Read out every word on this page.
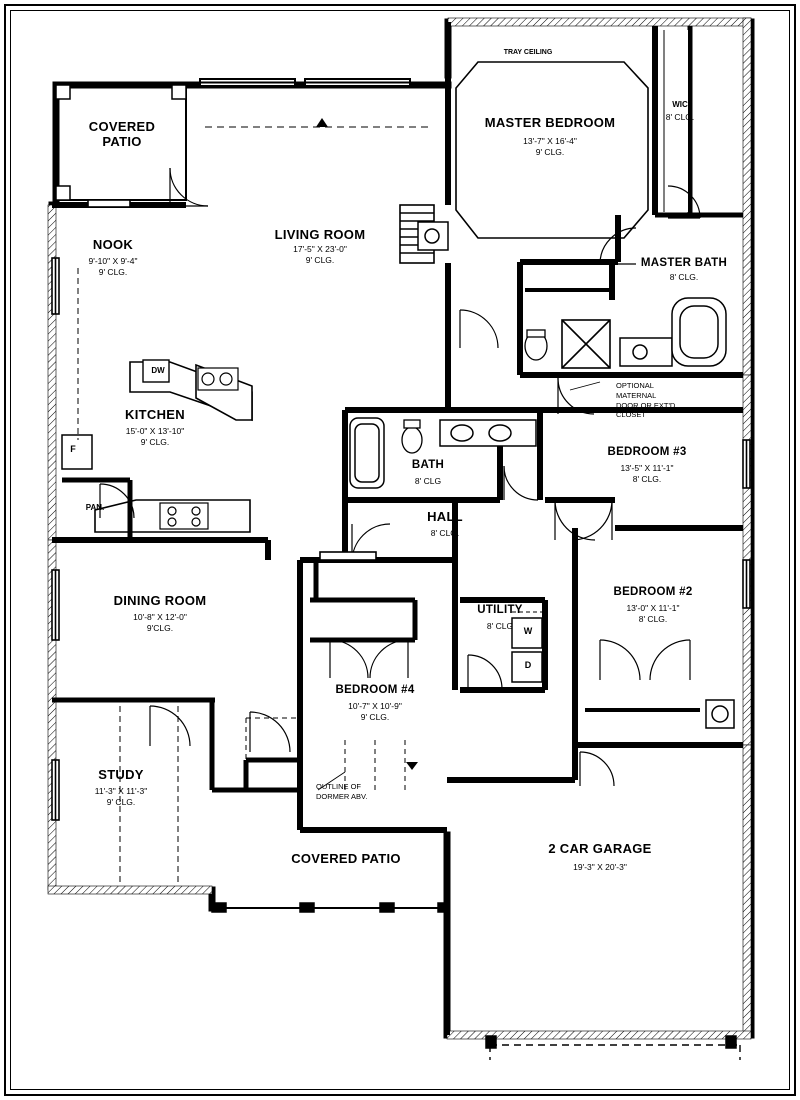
COVERED
PATIO
LIVING ROOM
17'-5" X 23'-0"
9' CLG.
TRAY CEILING
MASTER BEDROOM
13'-7" X 16'-4"
9' CLG.
WIC
8' CLG.
MASTER BATH
8' CLG.
OPTIONAL
MATERNAL
DOOR OR EXT'D
CLOSET
NOOK
9'-10" X 9'-4"
9' CLG.
KITCHEN
15'-0" X 13'-10"
9' CLG.
PAN.
DW
F
W
D
DINING ROOM
10'-8" X 12'-0"
9'CLG.
STUDY
11'-3" X 11'-3"
9' CLG.
BATH
8' CLG
HALL
8' CLG.
BEDROOM #3
13'-5" X 11'-1"
8' CLG.
BEDROOM #2
13'-0" X 11'-1"
8' CLG.
BEDROOM #4
10'-7" X 10'-9"
9' CLG.
UTILITY
8' CLG
2 CAR GARAGE
19'-3" X 20'-3"
COVERED PATIO
OUTLINE OF
DORMER ABV.
